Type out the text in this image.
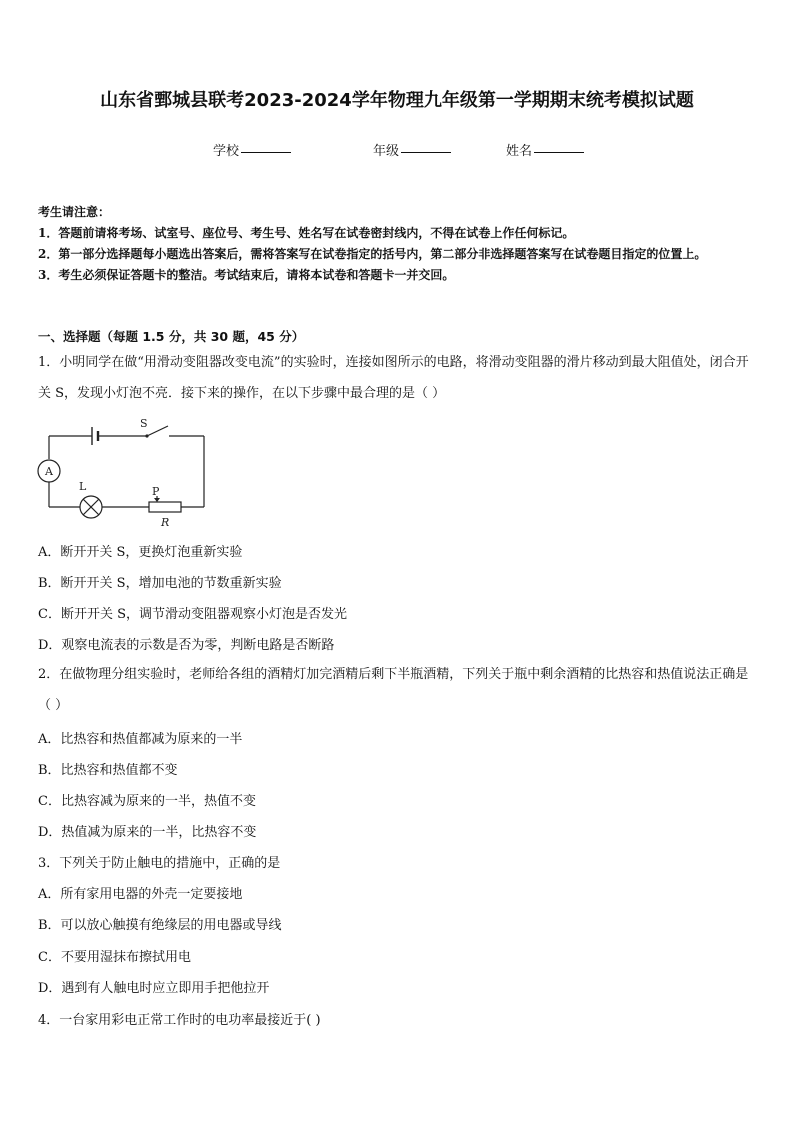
山东省鄄城县联考2023-2024学年物理九年级第一学期期末统考模拟试题
学校	年级	姓名
考生请注意：
1．答题前请将考场、试室号、座位号、考生号、姓名写在试卷密封线内，不得在试卷上作任何标记。
2．第一部分选择题每小题选出答案后，需将答案写在试卷指定的括号内，第二部分非选择题答案写在试卷题目指定的位置上。
3．考生必须保证答题卡的整洁。考试结束后，请将本试卷和答题卡一并交回。
一、选择题（每题 1.5 分，共 30 题，45 分）
1．小明同学在做“用滑动变阻器改变电流”的实验时，连接如图所示的电路，将滑动变阻器的滑片移动到最大阻值处，闭合开关 S，发现小灯泡不亮．接下来的操作，在以下步骤中最合理的是（ ）
S
A
L	P
R
A．断开开关 S，更换灯泡重新实验
B．断开开关 S，增加电池的节数重新实验
C．断开开关 S，调节滑动变阻器观察小灯泡是否发光
D．观察电流表的示数是否为零，判断电路是否断路
2．在做物理分组实验时，老师给各组的酒精灯加完酒精后剩下半瓶酒精，下列关于瓶中剩余酒精的比热容和热值说法正确是（ ）
A．比热容和热值都减为原来的一半
B．比热容和热值都不变
C．比热容减为原来的一半，热值不变
D．热值减为原来的一半，比热容不变
3．下列关于防止触电的措施中，正确的是
A．所有家用电器的外壳一定要接地
B．可以放心触摸有绝缘层的用电器或导线
C．不要用湿抹布擦拭用电
D．遇到有人触电时应立即用手把他拉开
4．一台家用彩电正常工作时的电功率最接近于( )
